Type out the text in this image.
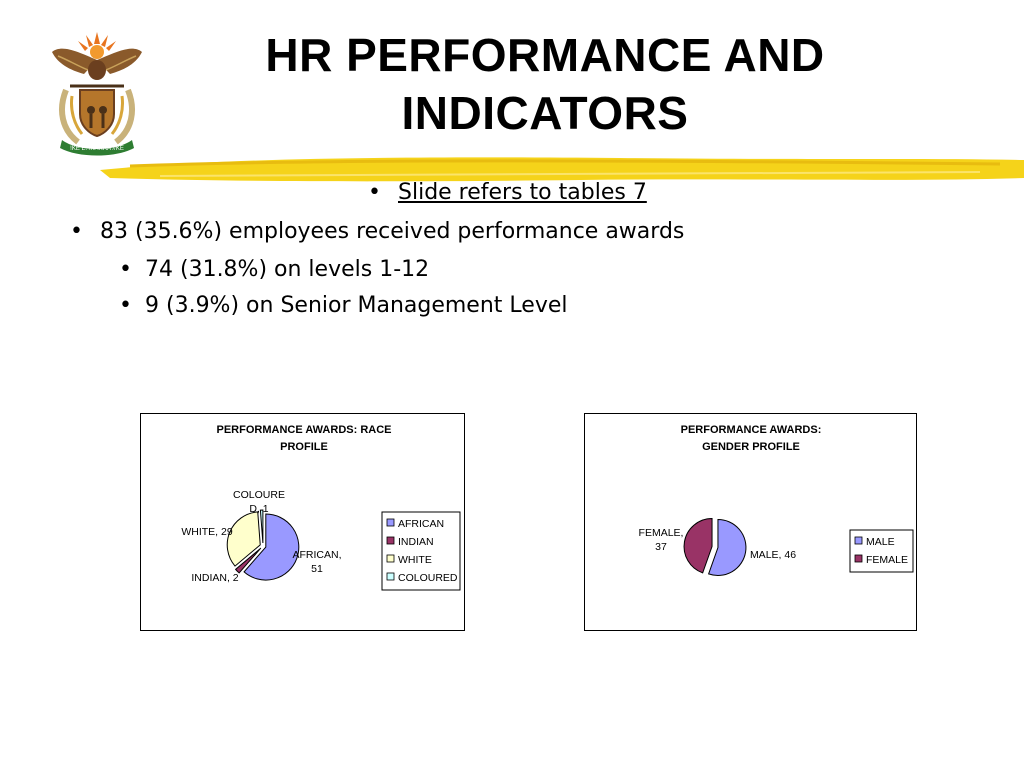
!KE E: /XARRA //KE
HR PERFORMANCE AND
INDICATORS
• Slide refers to tables 7
• 83 (35.6%) employees received performance awards
• 74 (31.8%) on levels 1-12
• 9 (3.9%) on Senior Management Level
PERFORMANCE AWARDS: RACE
PROFILE
AFRICAN,
51
INDIAN, 2
WHITE, 29
COLOURE
D, 1
AFRICAN
INDIAN
WHITE
COLOURED
PERFORMANCE AWARDS:
GENDER PROFILE
MALE, 46
FEMALE,
37	MALE
FEMALE
